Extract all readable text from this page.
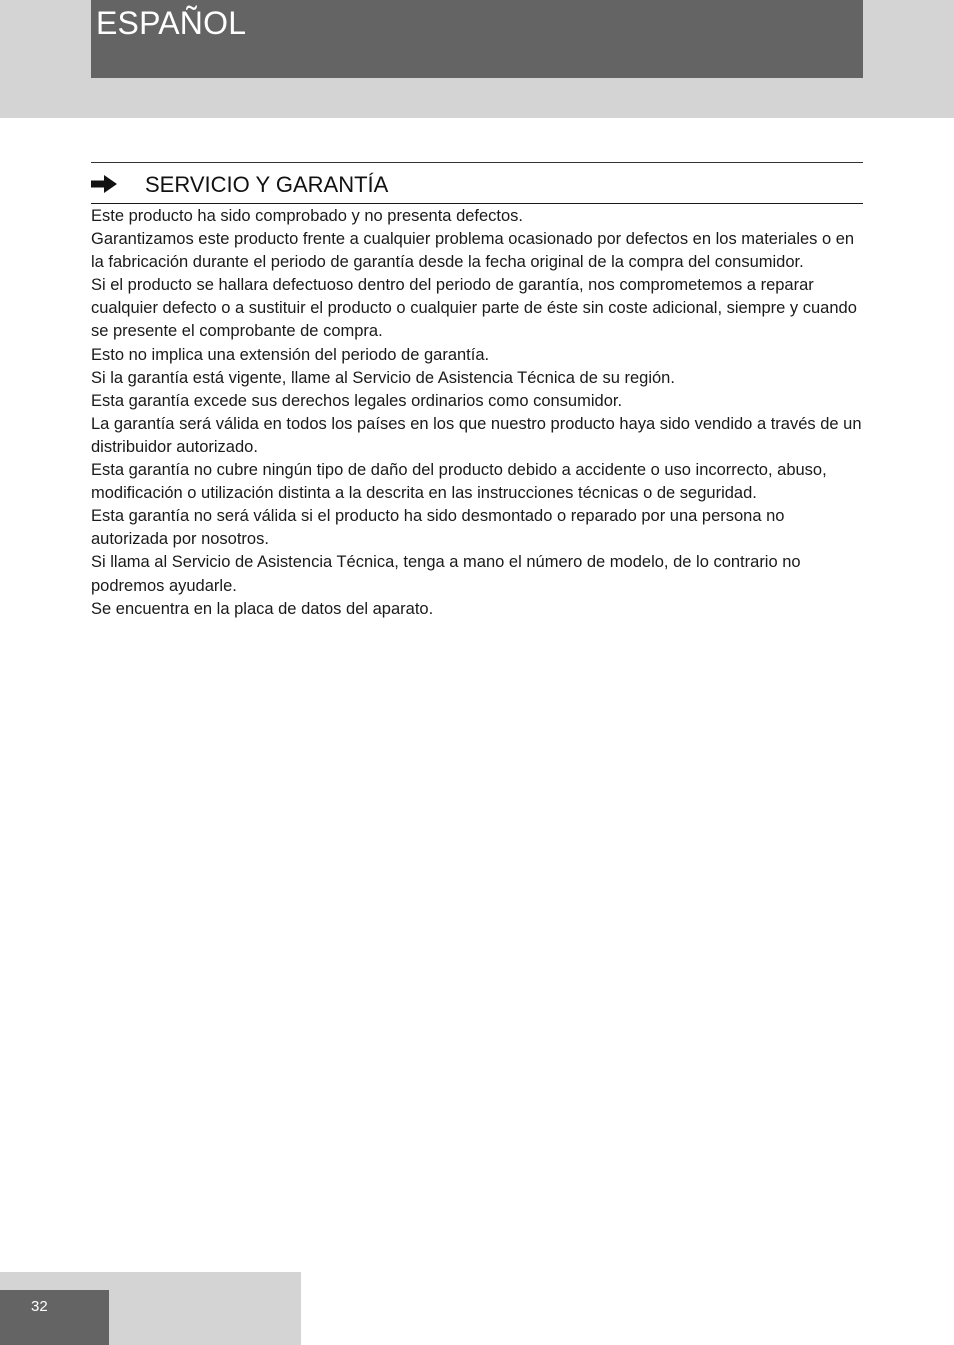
ESPAÑOL
SERVICIO Y GARANTÍA

Este producto ha sido comprobado y no presenta defectos.

Garantizamos este producto frente a cualquier problema ocasionado por defectos en los materiales o en la fabricación durante el periodo de garantía desde la fecha original de la compra del consumidor.

Si el producto se hallara defectuoso dentro del periodo de garantía, nos comprometemos a reparar cualquier defecto o a sustituir el producto o cualquier parte de éste sin coste adicional, siempre y cuando se presente el comprobante de compra.

Esto no implica una extensión del periodo de garantía.

Si la garantía está vigente, llame al Servicio de Asistencia Técnica de su región.

Esta garantía excede sus derechos legales ordinarios como consumidor.

La garantía será válida en todos los países en los que nuestro producto haya sido vendido a través de un distribuidor autorizado.

Esta garantía no cubre ningún tipo de daño del producto debido a accidente o uso incorrecto, abuso, modificación o utilización distinta a la descrita en las instrucciones técnicas o de seguridad.

Esta garantía no será válida si el producto ha sido desmontado o reparado por una persona no autorizada por nosotros.

Si llama al Servicio de Asistencia Técnica, tenga a mano el número de modelo, de lo contrario no podremos ayudarle.

Se encuentra en la placa de datos del aparato.

32
